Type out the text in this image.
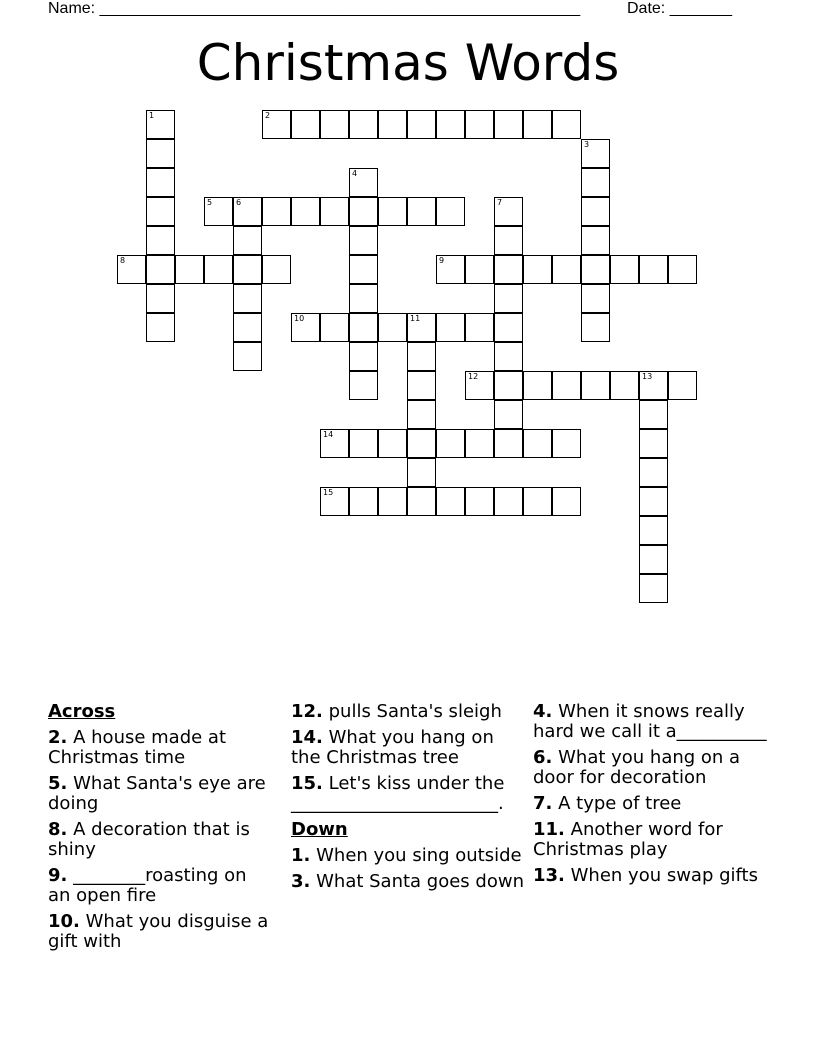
Name: ______________________________________________________	Date: _______
Christmas Words
1	2
3
4
5	6	7
8	9
10	11
12	13
14
15
Across
2. A house made at Christmas time
5. What Santa's eye are doing
8. A decoration that is shiny
9. ________roasting on an open fire
10. What you disguise a gift with
12. pulls Santa's sleigh
14. What you hang on the Christmas tree
15. Let's kiss under the _______________________.
Down
1. When you sing outside
3. What Santa goes down
4. When it snows really hard we call it a__________
6. What you hang on a door for decoration
7. A type of tree
11. Another word for Christmas play
13. When you swap gifts
